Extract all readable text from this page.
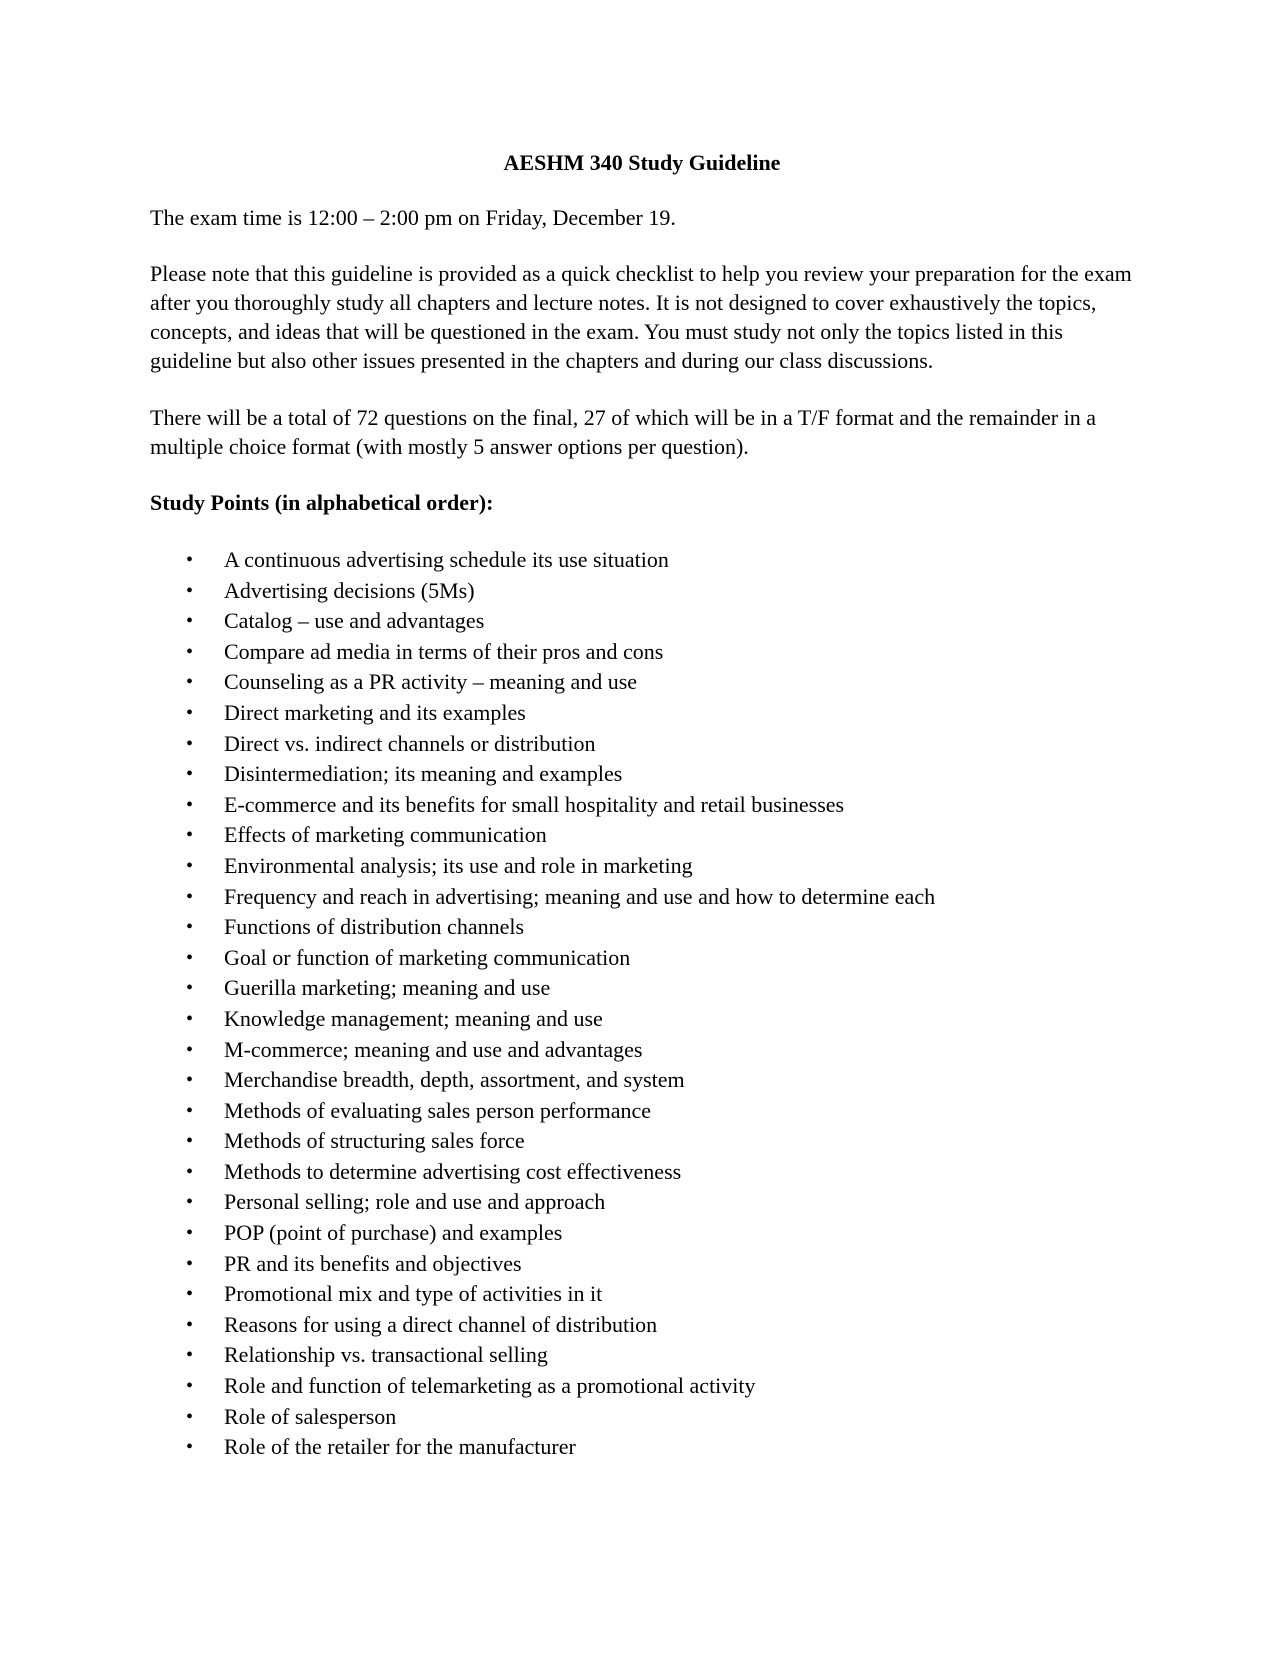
AESHM 340 Study Guideline

The exam time is 12:00 – 2:00 pm on Friday, December 19.

Please note that this guideline is provided as a quick checklist to help you review your preparation for the exam after you thoroughly study all chapters and lecture notes. It is not designed to cover exhaustively the topics, concepts, and ideas that will be questioned in the exam. You must study not only the topics listed in this guideline but also other issues presented in the chapters and during our class discussions.

There will be a total of 72 questions on the final, 27 of which will be in a T/F format and the remainder in a multiple choice format (with mostly 5 answer options per question).

Study Points (in alphabetical order):

• A continuous advertising schedule its use situation
• Advertising decisions (5Ms)
• Catalog – use and advantages
• Compare ad media in terms of their pros and cons
• Counseling as a PR activity – meaning and use
• Direct marketing and its examples
• Direct vs. indirect channels or distribution
• Disintermediation; its meaning and examples
• E-commerce and its benefits for small hospitality and retail businesses
• Effects of marketing communication
• Environmental analysis; its use and role in marketing
• Frequency and reach in advertising; meaning and use and how to determine each
• Functions of distribution channels
• Goal or function of marketing communication
• Guerilla marketing; meaning and use
• Knowledge management; meaning and use
• M-commerce; meaning and use and advantages
• Merchandise breadth, depth, assortment, and system
• Methods of evaluating sales person performance
• Methods of structuring sales force
• Methods to determine advertising cost effectiveness
• Personal selling; role and use and approach
• POP (point of purchase) and examples
• PR and its benefits and objectives
• Promotional mix and type of activities in it
• Reasons for using a direct channel of distribution
• Relationship vs. transactional selling
• Role and function of telemarketing as a promotional activity
• Role of salesperson
• Role of the retailer for the manufacturer
